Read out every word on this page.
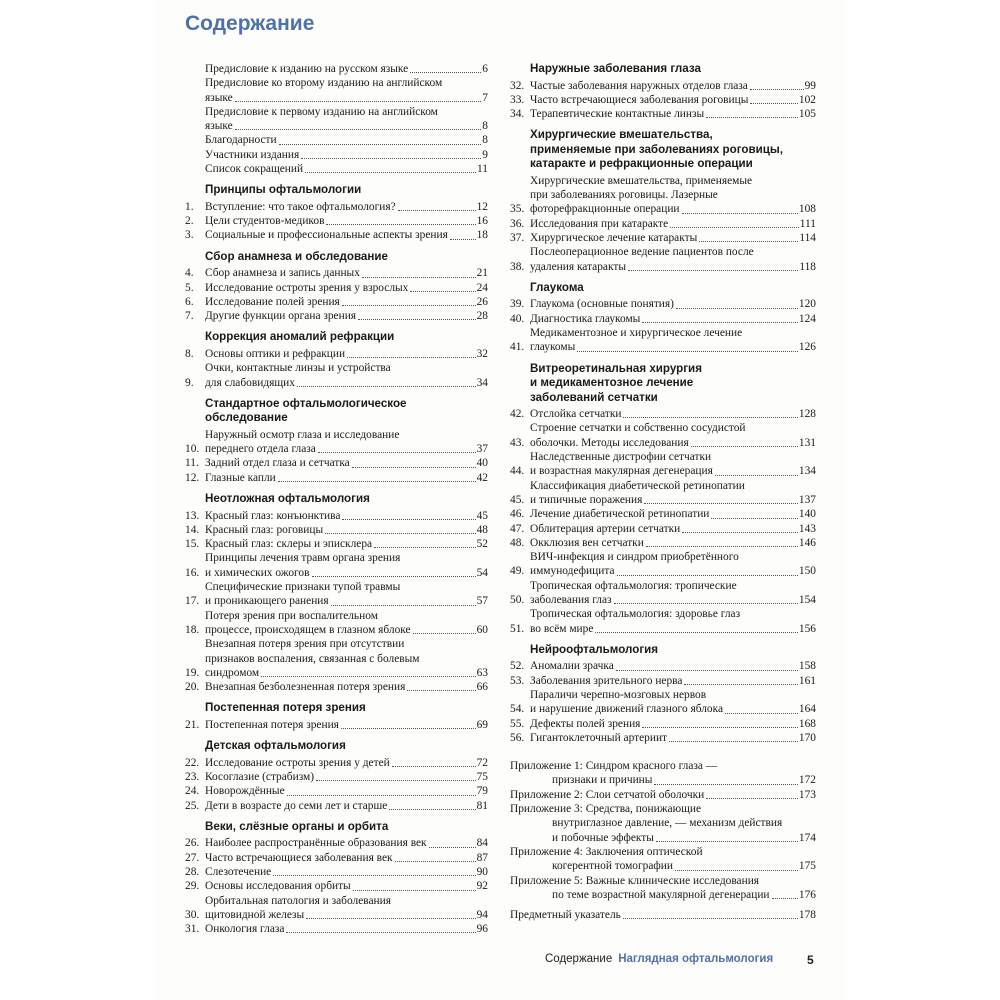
Содержание
Предисловие к изданию на русском языке	6
Предисловие ко второму изданию на английском
языке	7
Предисловие к первому изданию на английском
языке	8
Благодарности	8
Участники издания	9
Список сокращений	11
Принципы офтальмологии
1.	Вступление: что такое офтальмология?	12
2.	Цели студентов-медиков	16
3.	Социальные и профессиональные аспекты зрения	18
Сбор анамнеза и обследование
4.	Сбор анамнеза и запись данных	21
5.	Исследование остроты зрения у взрослых	24
6.	Исследование полей зрения	26
7.	Другие функции органа зрения	28
Коррекция аномалий рефракции
8.	Основы оптики и рефракции	32
9.
Очки, контактные линзы и устройства
для слабовидящих	34
Стандартное офтальмологическое
обследование
10.
Наружный осмотр глаза и исследование
переднего отдела глаза	37
11. Задний отдел глаза и сетчатка	40
12. Глазные капли	42
Неотложная офтальмология
13. Красный глаз: конъюнктива	45
14. Красный глаз: роговицы	48
15. Красный глаз: склеры и эписклера	52
16.
Принципы лечения травм органа зрения
и химических ожогов	54
17.
Специфические признаки тупой травмы
и проникающего ранения	57
18.
Потеря зрения при воспалительном
процессе, происходящем в глазном яблоке	60
19.
Внезапная потеря зрения при отсутствии
признаков воспаления, связанная с болевым
синдромом	63
20. Внезапная безболезненная потеря зрения	66
Постепенная потеря зрения
21. Постепенная потеря зрения	69
Детская офтальмология
22. Исследование остроты зрения у детей	72
23. Косоглазие (страбизм)	75
24. Новорождённые	79
25. Дети в возрасте до семи лет и старше	81
Веки, слёзные органы и орбита
26. Наиболее распространённые образования век	84
27. Часто встречающиеся заболевания век	87
28. Слезотечение	90
29. Основы исследования орбиты	92
30.
Орбитальная патология и заболевания
щитовидной железы	94
31. Онкология глаза	96
Наружные заболевания глаза
32. Частые заболевания наружных отделов глаза	99
33. Часто встречающиеся заболевания роговицы	102
34. Терапевтические контактные линзы	105
Хирургические вмешательства,
применяемые при заболеваниях роговицы,
катаракте и рефракционные операции
35.
Хирургические вмешательства, применяемые
при заболеваниях роговицы. Лазерные
фоторефракционные операции	108
36. Исследования при катаракте	111
37. Хирургическое лечение катаракты	114
38.
Послеоперационное ведение пациентов после
удаления катаракты	118
Глаукома
39. Глаукома (основные понятия)	120
40. Диагностика глаукомы	124
41.
Медикаментозное и хирургическое лечение
глаукомы	126
Витреоретинальная хирургия
и медикаментозное лечение
заболеваний сетчатки
42. Отслойка сетчатки	128
43.
Строение сетчатки и собственно сосудистой
оболочки. Методы исследования	131
44.
Наследственные дистрофии сетчатки
и возрастная макулярная дегенерация	134
45.
Классификация диабетической ретинопатии
и типичные поражения	137
46. Лечение диабетической ретинопатии	140
47. Облитерация артерии сетчатки	143
48. Окклюзия вен сетчатки	146
49.
ВИЧ-инфекция и синдром приобретённого
иммунодефицита	150
50.
Тропическая офтальмология: тропические
заболевания глаз	154
51.
Тропическая офтальмология: здоровье глаз
во всём мире	156
Нейроофтальмология
52. Аномалии зрачка	158
53. Заболевания зрительного нерва	161
54.
Параличи черепно-мозговых нервов
и нарушение движений глазного яблока	164
55. Дефекты полей зрения	168
56. Гигантоклеточный артериит	170
Приложение 1: Синдром красного глаза —
признаки и причины	172
Приложение 2: Слои сетчатой оболочки	173
Приложение 3: Средства, понижающие
внутриглазное давление, — механизм действия
и побочные эффекты	174
Приложение 4: Заключения оптической
когерентной томографии	175
Приложение 5: Важные клинические исследования
по теме возрастной макулярной дегенерации	176
Предметный указатель	178
Содержание Наглядная офтальмология	5
